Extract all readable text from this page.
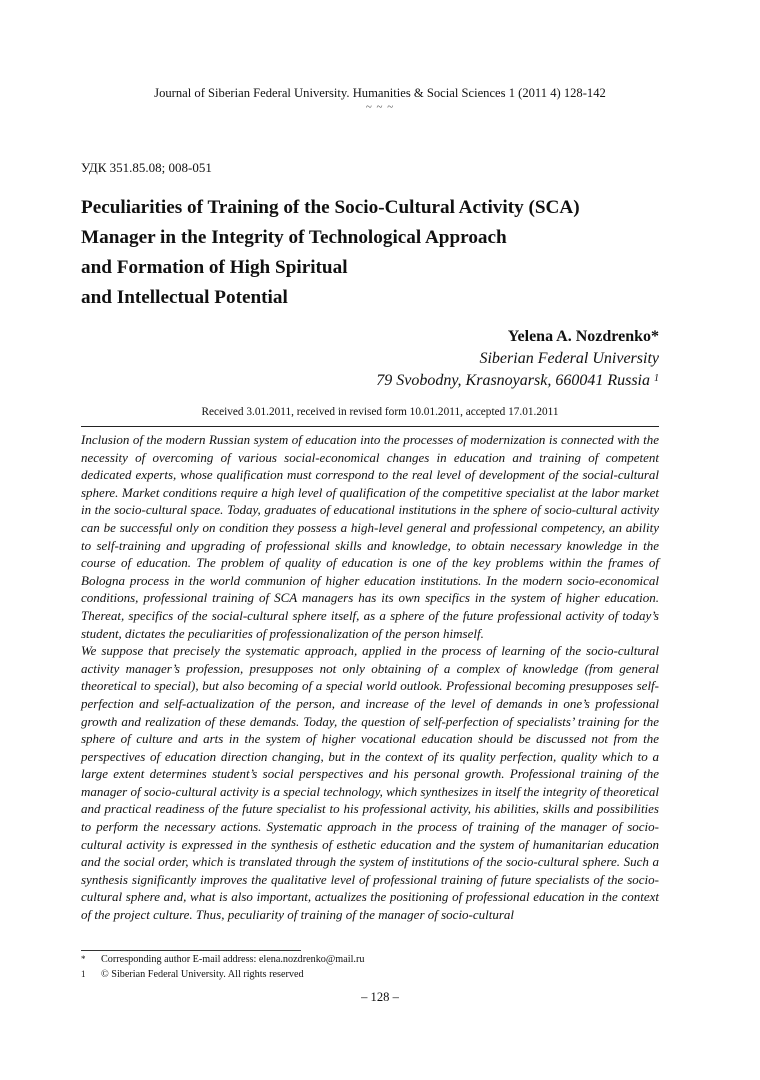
Journal of Siberian Federal University. Humanities & Social Sciences 1 (2011 4) 128-142
~ ~ ~
УДК 351.85.08; 008-051
Peculiarities of Training of the Socio-Cultural Activity (SCA)
Manager in the Integrity of Technological Approach
and Formation of High Spiritual
and Intellectual Potential
Yelena A. Nozdrenko*
Siberian Federal University
79 Svobodny, Krasnoyarsk, 660041 Russia $^1$
Received 3.01.2011, received in revised form 10.01.2011, accepted 17.01.2011

Inclusion of the modern Russian system of education into the processes of modernization is connected with the necessity of overcoming of various social-economical changes in education and training of competent dedicated experts, whose qualification must correspond to the real level of development of the social-cultural sphere. Market conditions require a high level of qualification of the competitive specialist at the labor market in the socio-cultural space. Today, graduates of educational institutions in the sphere of socio-cultural activity can be successful only on condition they possess a high-level general and professional competency, an ability to self-training and upgrading of professional skills and knowledge, to obtain necessary knowledge in the course of education. The problem of quality of education is one of the key problems within the frames of Bologna process in the world communion of higher education institutions. In the modern socio-economical conditions, professional training of SCA managers has its own specifics in the system of higher education. Thereat, specifics of the social-cultural sphere itself, as a sphere of the future professional activity of today’s student, dictates the peculiarities of professionalization of the person himself.

We suppose that precisely the systematic approach, applied in the process of learning of the socio-cultural activity manager’s profession, presupposes not only obtaining of a complex of knowledge (from general theoretical to special), but also becoming of a special world outlook. Professional becoming presupposes self-perfection and self-actualization of the person, and increase of the level of demands in one’s professional growth and realization of these demands. Today, the question of self-perfection of specialists’ training for the sphere of culture and arts in the system of higher vocational education should be discussed not from the perspectives of education direction changing, but in the context of its quality perfection, quality which to a large extent determines student’s social perspectives and his personal growth. Professional training of the manager of socio-cultural activity is a special technology, which synthesizes in itself the integrity of theoretical and practical readiness of the future specialist to his professional activity, his abilities, skills and possibilities to perform the necessary actions. Systematic approach in the process of training of the manager of socio-cultural activity is expressed in the synthesis of esthetic education and the system of humanitarian education and the social order, which is translated through the system of institutions of the socio-cultural sphere. Such a synthesis significantly improves the qualitative level of professional training of future specialists of the socio-cultural sphere and, what is also important, actualizes the positioning of professional education in the context of the project culture. Thus, peculiarity of training of the manager of socio-cultural

* Corresponding author E-mail address: elena.nozdrenko@mail.ru
1 © Siberian Federal University. All rights reserved
– 128 –
